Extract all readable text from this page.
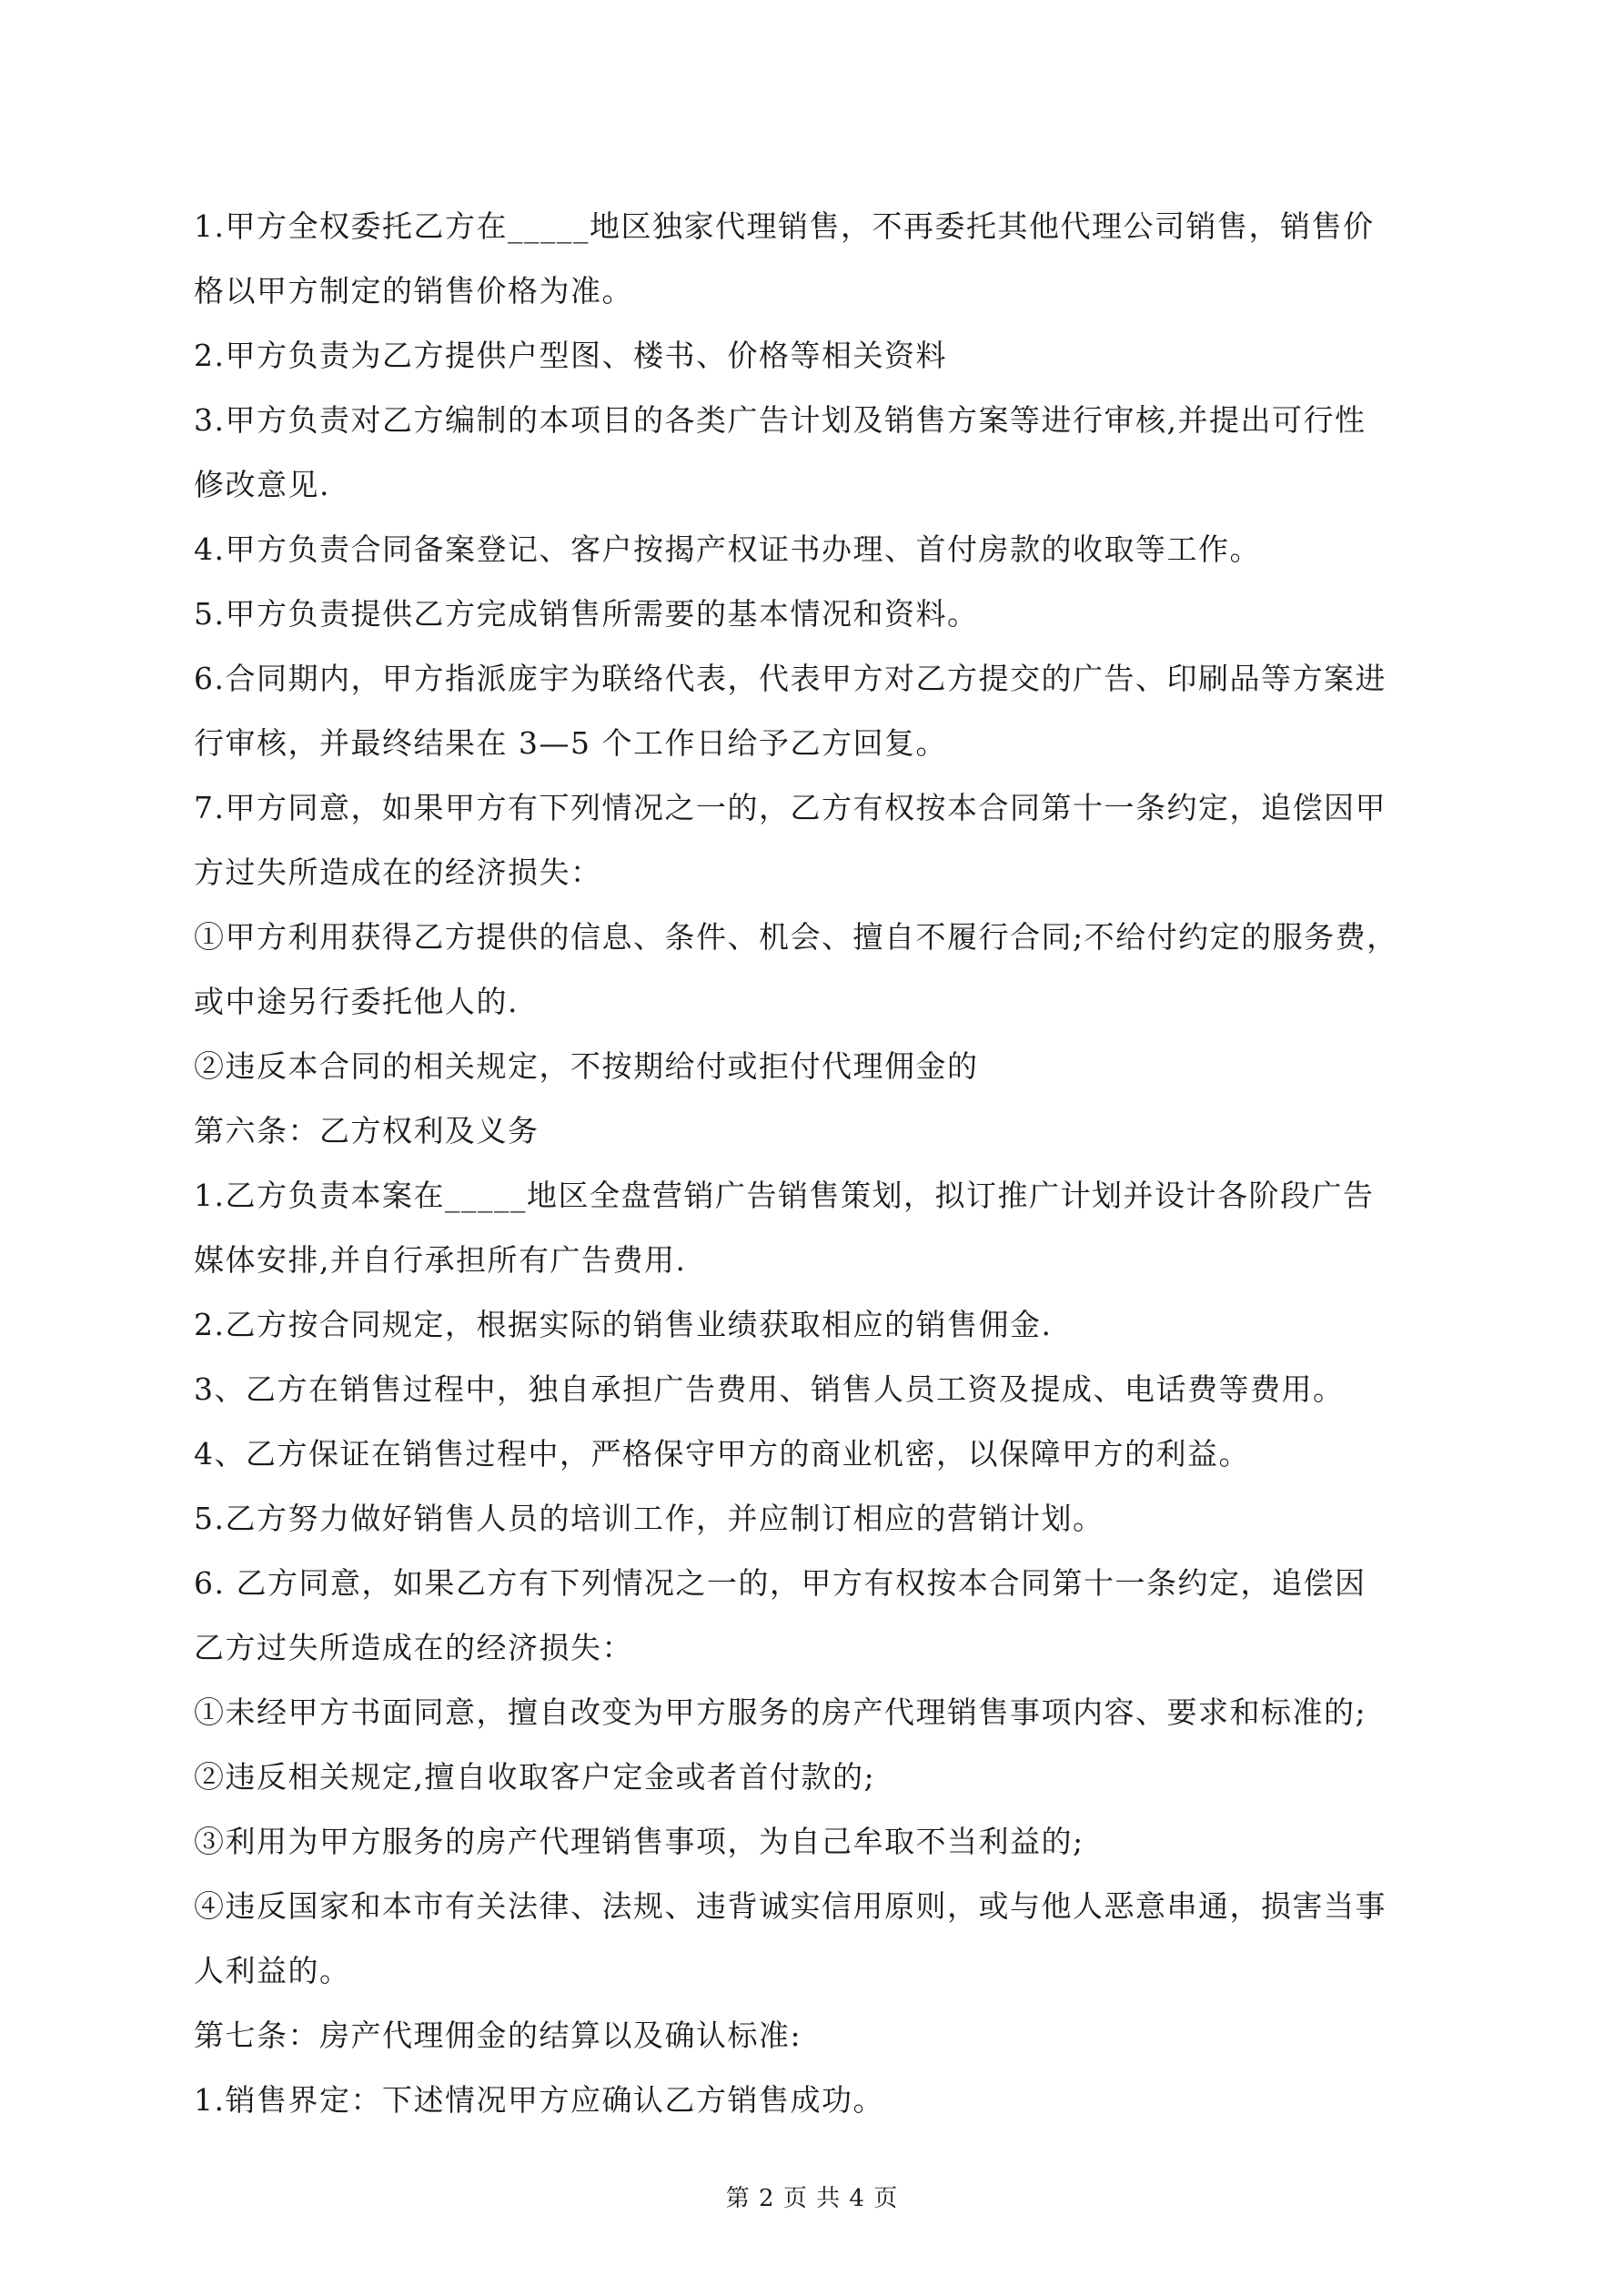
1.甲方全权委托乙方在_____地区独家代理销售，不再委托其他代理公司销售，销售价
格以甲方制定的销售价格为准。
2.甲方负责为乙方提供户型图、楼书、价格等相关资料
3.甲方负责对乙方编制的本项目的各类广告计划及销售方案等进行审核,并提出可行性
修改意见.
4.甲方负责合同备案登记、客户按揭产权证书办理、首付房款的收取等工作。
5.甲方负责提供乙方完成销售所需要的基本情况和资料。
6.合同期内，甲方指派庞宇为联络代表，代表甲方对乙方提交的广告、印刷品等方案进
行审核，并最终结果在 3—5 个工作日给予乙方回复。
7.甲方同意，如果甲方有下列情况之一的，乙方有权按本合同第十一条约定，追偿因甲
方过失所造成在的经济损失：
①甲方利用获得乙方提供的信息、条件、机会、擅自不履行合同;不给付约定的服务费，
或中途另行委托他人的.
②违反本合同的相关规定，不按期给付或拒付代理佣金的
第六条：乙方权利及义务
1.乙方负责本案在_____地区全盘营销广告销售策划，拟订推广计划并设计各阶段广告
媒体安排,并自行承担所有广告费用.
2.乙方按合同规定，根据实际的销售业绩获取相应的销售佣金.
3、乙方在销售过程中，独自承担广告费用、销售人员工资及提成、电话费等费用。
4、乙方保证在销售过程中，严格保守甲方的商业机密，以保障甲方的利益。
5.乙方努力做好销售人员的培训工作，并应制订相应的营销计划。
6. 乙方同意，如果乙方有下列情况之一的，甲方有权按本合同第十一条约定，追偿因
乙方过失所造成在的经济损失：
①未经甲方书面同意，擅自改变为甲方服务的房产代理销售事项内容、要求和标准的;
②违反相关规定,擅自收取客户定金或者首付款的;
③利用为甲方服务的房产代理销售事项，为自己牟取不当利益的;
④违反国家和本市有关法律、法规、违背诚实信用原则，或与他人恶意串通，损害当事
人利益的。
第七条：房产代理佣金的结算以及确认标准:
1.销售界定：下述情况甲方应确认乙方销售成功。
第 2 页 共 4 页
